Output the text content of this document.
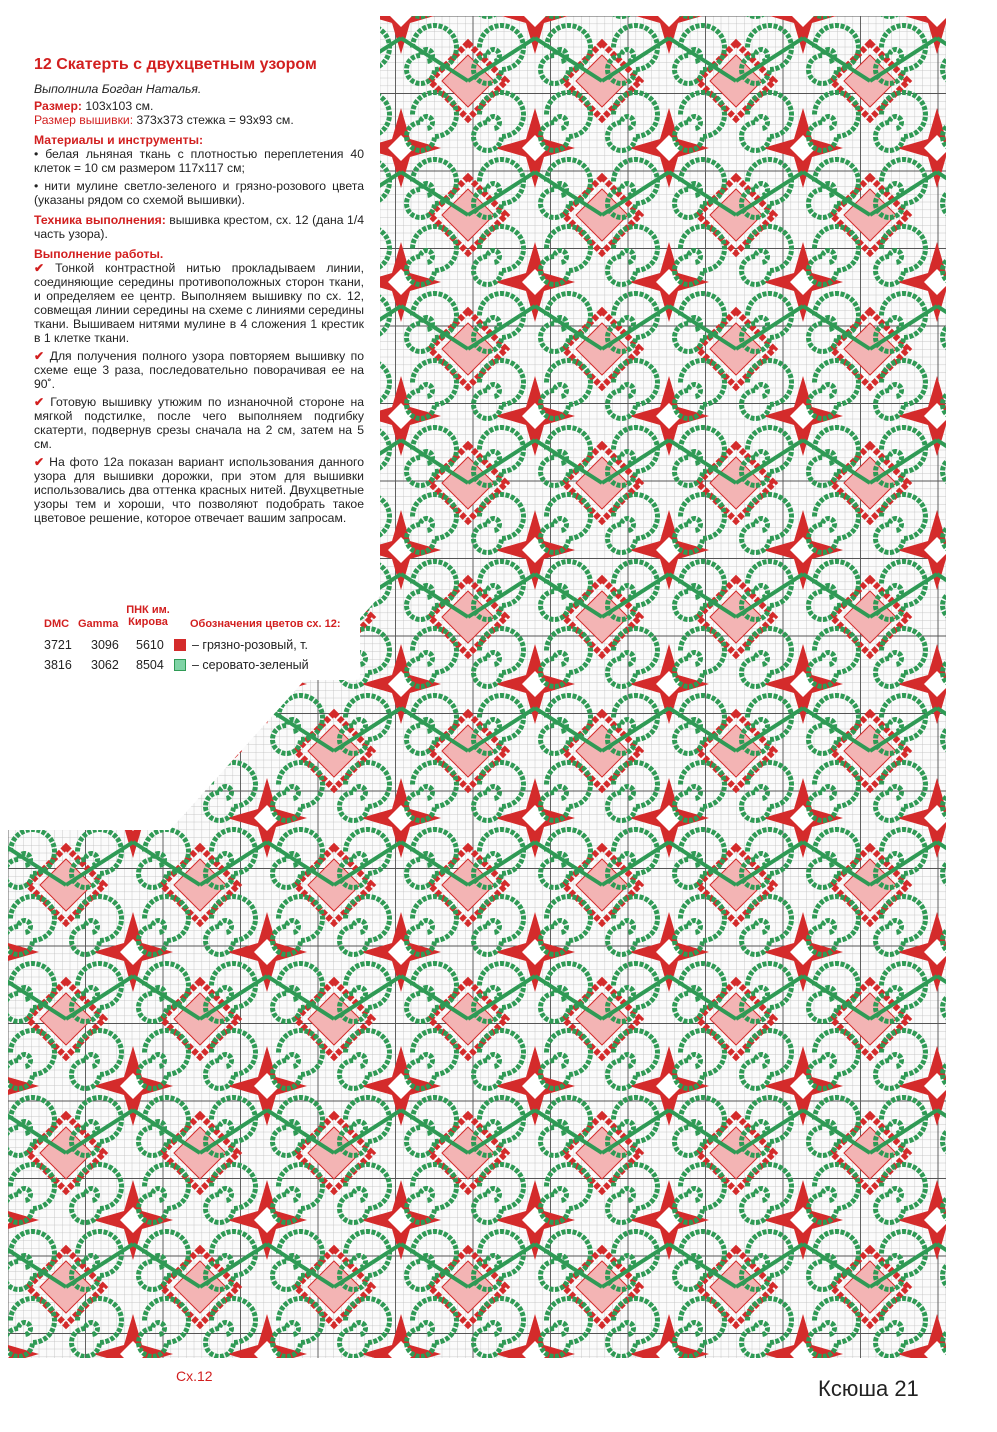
12 Скатерть с двухцветным узором
Выполнила Богдан Наталья.
Размер: 103х103 см.
Размер вышивки: 373х373 стежка = 93х93 см.
Материалы и инструменты:

• белая льняная ткань с плотностью переплетения 40 клеток = 10 см размером 117х117 см;

• нити мулине светло-зеленого и грязно-розового цвета (указаны рядом со схемой вышивки).

Техника выполнения: вышивка крестом, сх. 12 (дана 1/4 часть узора).

Выполнение работы.

✔ Тонкой контрастной нитью прокладываем линии, соединяющие середины противоположных сторон ткани, и определяем ее центр. Выполняем вышивку по сх. 12, совмещая линии середины на схеме с линиями середины ткани. Вышиваем нитями мулине в 4 сложения 1 крестик в 1 клетке ткани.

✔ Для получения полного узора повторяем вышивку по схеме еще 3 раза, последовательно поворачивая ее на 90˚.

✔ Готовую вышивку утюжим по изнаночной стороне на мягкой подстилке, после чего выполняем подгибку скатерти, подвернув срезы сначала на 2 см, затем на 5 см.

✔ На фото 12а показан вариант использования данного узора для вышивки дорожки, при этом для вышивки использовались два оттенка красных нитей. Двухцветные узоры тем и хороши, что позволяют подобрать такое цветовое решение, которое отвечает вашим запросам.

DMC Gamma
ПНК им. Кирова	Обозначения цветов сх. 12:
3721 3096 5610 – грязно-розовый, т.
3816 3062 8504 – серовато-зеленый
Сх.12	Ксюша 21
